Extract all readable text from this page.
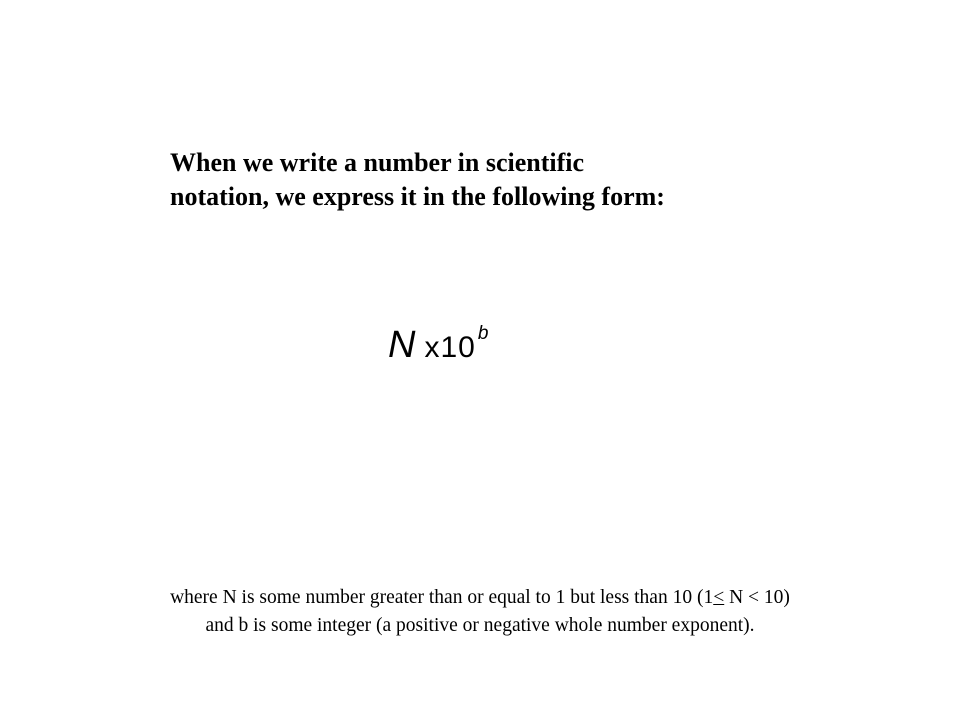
When we write a number in scientific
notation, we express it in the following form:
N x10 $^b$
where N is some number greater than or equal to 1 but less than 10 (1≤ N < 10)
and b is some integer (a positive or negative whole number exponent).
